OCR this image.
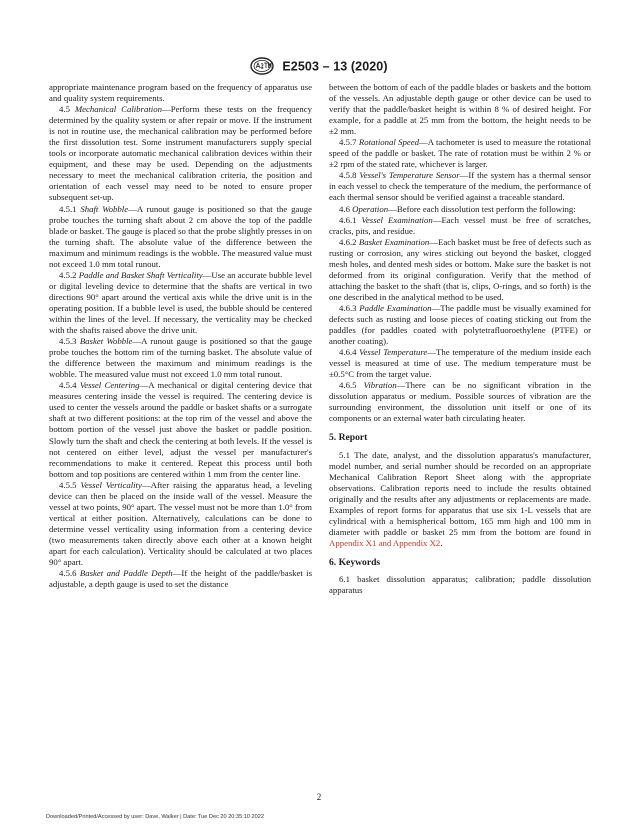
E2503 – 13 (2020)

appropriate maintenance program based on the frequency of apparatus use and quality system requirements.

4.5 Mechanical Calibration—Perform these tests on the frequency determined by the quality system or after repair or move. If the instrument is not in routine use, the mechanical calibration may be performed before the first dissolution test. Some instrument manufacturers supply special tools or incorporate automatic mechanical calibration devices within their equipment, and these may be used. Depending on the adjustments necessary to meet the mechanical calibration criteria, the position and orientation of each vessel may need to be noted to ensure proper subsequent set-up.

4.5.1 Shaft Wobble—A runout gauge is positioned so that the gauge probe touches the turning shaft about 2 cm above the top of the paddle blade or basket. The gauge is placed so that the probe slightly presses in on the turning shaft. The absolute value of the difference between the maximum and minimum readings is the wobble. The measured value must not exceed 1.0 mm total runout.

4.5.2 Paddle and Basket Shaft Verticality—Use an accurate bubble level or digital leveling device to determine that the shafts are vertical in two directions 90° apart around the vertical axis while the drive unit is in the operating position. If a bubble level is used, the bubble should be centered within the lines of the level. If necessary, the verticality may be checked with the shafts raised above the drive unit.

4.5.3 Basket Wobble—A runout gauge is positioned so that the gauge probe touches the bottom rim of the turning basket. The absolute value of the difference between the maximum and minimum readings is the wobble. The measured value must not exceed 1.0 mm total runout.

4.5.4 Vessel Centering—A mechanical or digital centering device that measures centering inside the vessel is required. The centering device is used to center the vessels around the paddle or basket shafts or a surrogate shaft at two different positions: at the top rim of the vessel and above the bottom portion of the vessel just above the basket or paddle position. Slowly turn the shaft and check the centering at both levels. If the vessel is not centered on either level, adjust the vessel per manufacturer's recommendations to make it centered. Repeat this process until both bottom and top positions are centered within 1 mm from the center line.

4.5.5 Vessel Verticality—After raising the apparatus head, a leveling device can then be placed on the inside wall of the vessel. Measure the vessel at two points, 90° apart. The vessel must not be more than 1.0° from vertical at either position. Alternatively, calculations can be done to determine vessel verticality using information from a centering device (two measurements taken directly above each other at a known height apart for each calculation). Verticality should be calculated at two places 90° apart.

4.5.6 Basket and Paddle Depth—If the height of the paddle/basket is adjustable, a depth gauge is used to set the distance

between the bottom of each of the paddle blades or baskets and the bottom of the vessels. An adjustable depth gauge or other device can be used to verify that the paddle/basket height is within 8 % of desired height. For example, for a paddle at 25 mm from the bottom, the height needs to be ±2 mm.

4.5.7 Rotational Speed—A tachometer is used to measure the rotational speed of the paddle or basket. The rate of rotation must be within 2 % or ±2 rpm of the stated rate, whichever is larger.

4.5.8 Vessel's Temperature Sensor—If the system has a thermal sensor in each vessel to check the temperature of the medium, the performance of each thermal sensor should be verified against a traceable standard.

4.6 Operation—Before each dissolution test perform the following:

4.6.1 Vessel Examination—Each vessel must be free of scratches, cracks, pits, and residue.

4.6.2 Basket Examination—Each basket must be free of defects such as rusting or corrosion, any wires sticking out beyond the basket, clogged mesh holes, and dented mesh sides or bottom. Make sure the basket is not deformed from its original configuration. Verify that the method of attaching the basket to the shaft (that is, clips, O-rings, and so forth) is the one described in the analytical method to be used.

4.6.3 Paddle Examination—The paddle must be visually examined for defects such as rusting and loose pieces of coating sticking out from the paddles (for paddles coated with polytetrafluoroethylene (PTFE) or another coating).

4.6.4 Vessel Temperature—The temperature of the medium inside each vessel is measured at time of use. The medium temperature must be ±0.5°C from the target value.

4.6.5 Vibration—There can be no significant vibration in the dissolution apparatus or medium. Possible sources of vibration are the surrounding environment, the dissolution unit itself or one of its components or an external water bath circulating heater.

5. Report

5.1 The date, analyst, and the dissolution apparatus's manufacturer, model number, and serial number should be recorded on an appropriate Mechanical Calibration Report Sheet along with the appropriate observations. Calibration reports need to include the results obtained originally and the results after any adjustments or replacements are made. Examples of report forms for apparatus that use six 1-L vessels that are cylindrical with a hemispherical bottom, 165 mm high and 100 mm in diameter with paddle or basket 25 mm from the bottom are found in Appendix X1 and Appendix X2.

6. Keywords

6.1 basket dissolution apparatus; calibration; paddle dissolution apparatus

2
Downloaded/Printed/Accessed by user: Dave, Walker | Date: Tue Dec 20 20:35:10 2022
